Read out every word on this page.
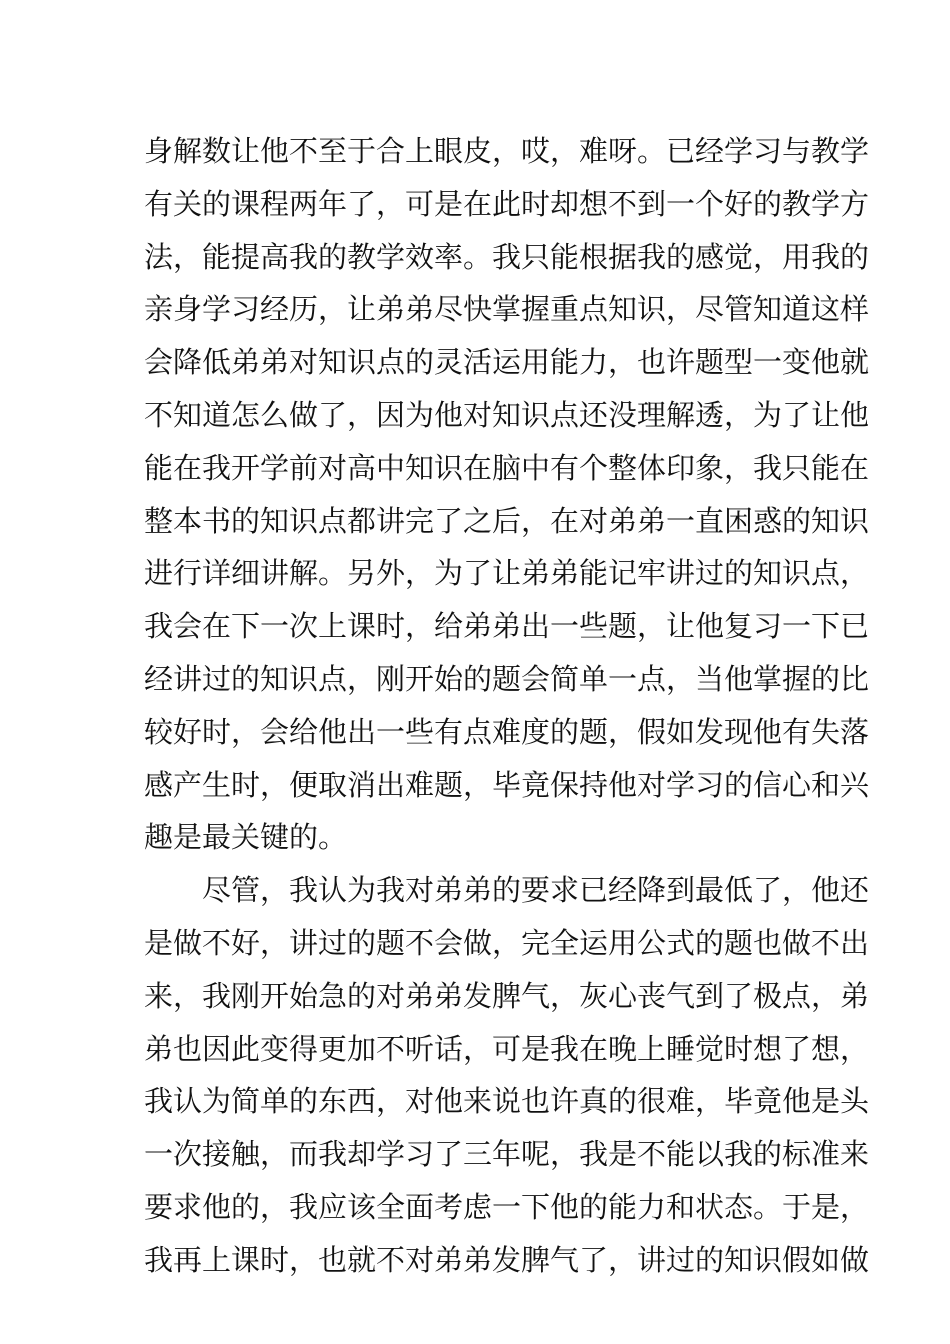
身解数让他不至于合上眼皮，哎，难呀。已经学习与教学
有关的课程两年了，可是在此时却想不到一个好的教学方
法，能提高我的教学效率。我只能根据我的感觉，用我的
亲身学习经历，让弟弟尽快掌握重点知识，尽管知道这样
会降低弟弟对知识点的灵活运用能力，也许题型一变他就
不知道怎么做了，因为他对知识点还没理解透，为了让他
能在我开学前对高中知识在脑中有个整体印象，我只能在
整本书的知识点都讲完了之后，在对弟弟一直困惑的知识
进行详细讲解。另外，为了让弟弟能记牢讲过的知识点，
我会在下一次上课时，给弟弟出一些题，让他复习一下已
经讲过的知识点，刚开始的题会简单一点，当他掌握的比
较好时，会给他出一些有点难度的题，假如发现他有失落
感产生时，便取消出难题，毕竟保持他对学习的信心和兴
趣是最关键的。
尽管，我认为我对弟弟的要求已经降到最低了，他还
是做不好，讲过的题不会做，完全运用公式的题也做不出
来，我刚开始急的对弟弟发脾气，灰心丧气到了极点，弟
弟也因此变得更加不听话，可是我在晚上睡觉时想了想，
我认为简单的东西，对他来说也许真的很难，毕竟他是头
一次接触，而我却学习了三年呢，我是不能以我的标准来
要求他的，我应该全面考虑一下他的能力和状态。于是，
我再上课时，也就不对弟弟发脾气了，讲过的知识假如做
